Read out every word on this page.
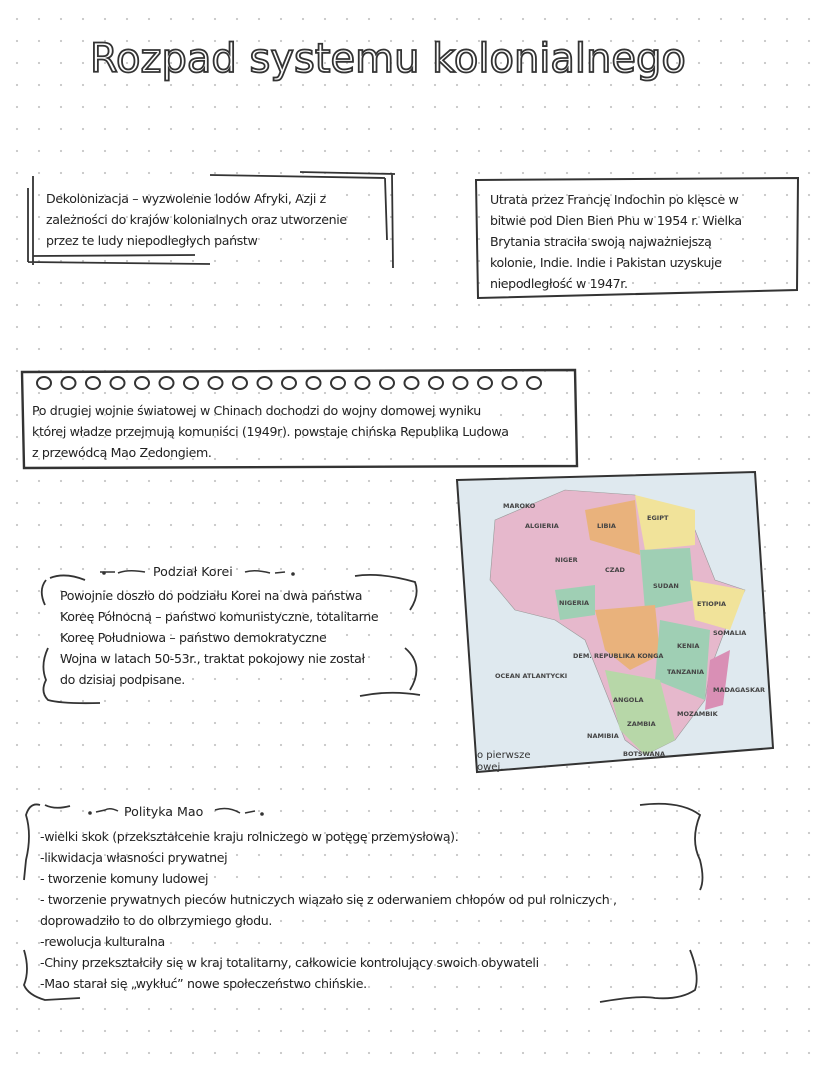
Rozpad systemu kolonialnego
Dekolonizacja – wyzwolenie lodów Afryki, Azji z
zależności do krajów kolonialnych oraz utworzenie
przez te ludy niepodległych państw
Utrata przez Francję Indochin po klęsce w
bitwie pod Dien Bien Phu w 1954 r. Wielka
Brytania straciła swoją najważniejszą
kolonie, Indie. Indie i Pakistan uzyskuje
niepodległość w 1947r.
Po drugiej wojnie światowej w Chinach dochodzi do wojny domowej wyniku
której władze przejmują komuniści (1949r). powstaje chińska Republika Ludowa
z przewódcą Mao Zedongiem.
Podział Korei
Powojnie doszło do podziału Korei na dwa państwa
Koreę Północną – państwo komunistyczne, totalitarne
Koreę Południowa – państwo demokratyczne
Wojna w latach 50-53r., traktat pokojowy nie został
do dzisiaj podpisane.
MAROKO
ALGIERIA	LIBIA
EGIPT
NIGER
CZAD
SUDAN
ETIOPIA
NIGERIA
SOMALIA
KENIA
DEM. REPUBLIKA KONGA
TANZANIA
ANGOLA
ZAMBIA
NAMIBIA
BOTSWANA
MADAGASKAR
MOZAMBIK
OCEAN ATLANTYCKI
o pierwsze
owej.
Polityka Mao
-wielki skok (przekształcenie kraju rolniczego w potęgę przemysłową).
-likwidacja własności prywatnej
- tworzenie komuny ludowej
- tworzenie prywatnych pieców hutniczych wiązało się z oderwaniem chłopów od pul rolniczych ,
doprowadziło to do olbrzymiego głodu.
-rewolucja kulturalna
-Chiny przekształciły się w kraj totalitarny, całkowicie kontrolujący swoich obywateli
-Mao starał się „wykłuć” nowe społeczeństwo chińskie.
